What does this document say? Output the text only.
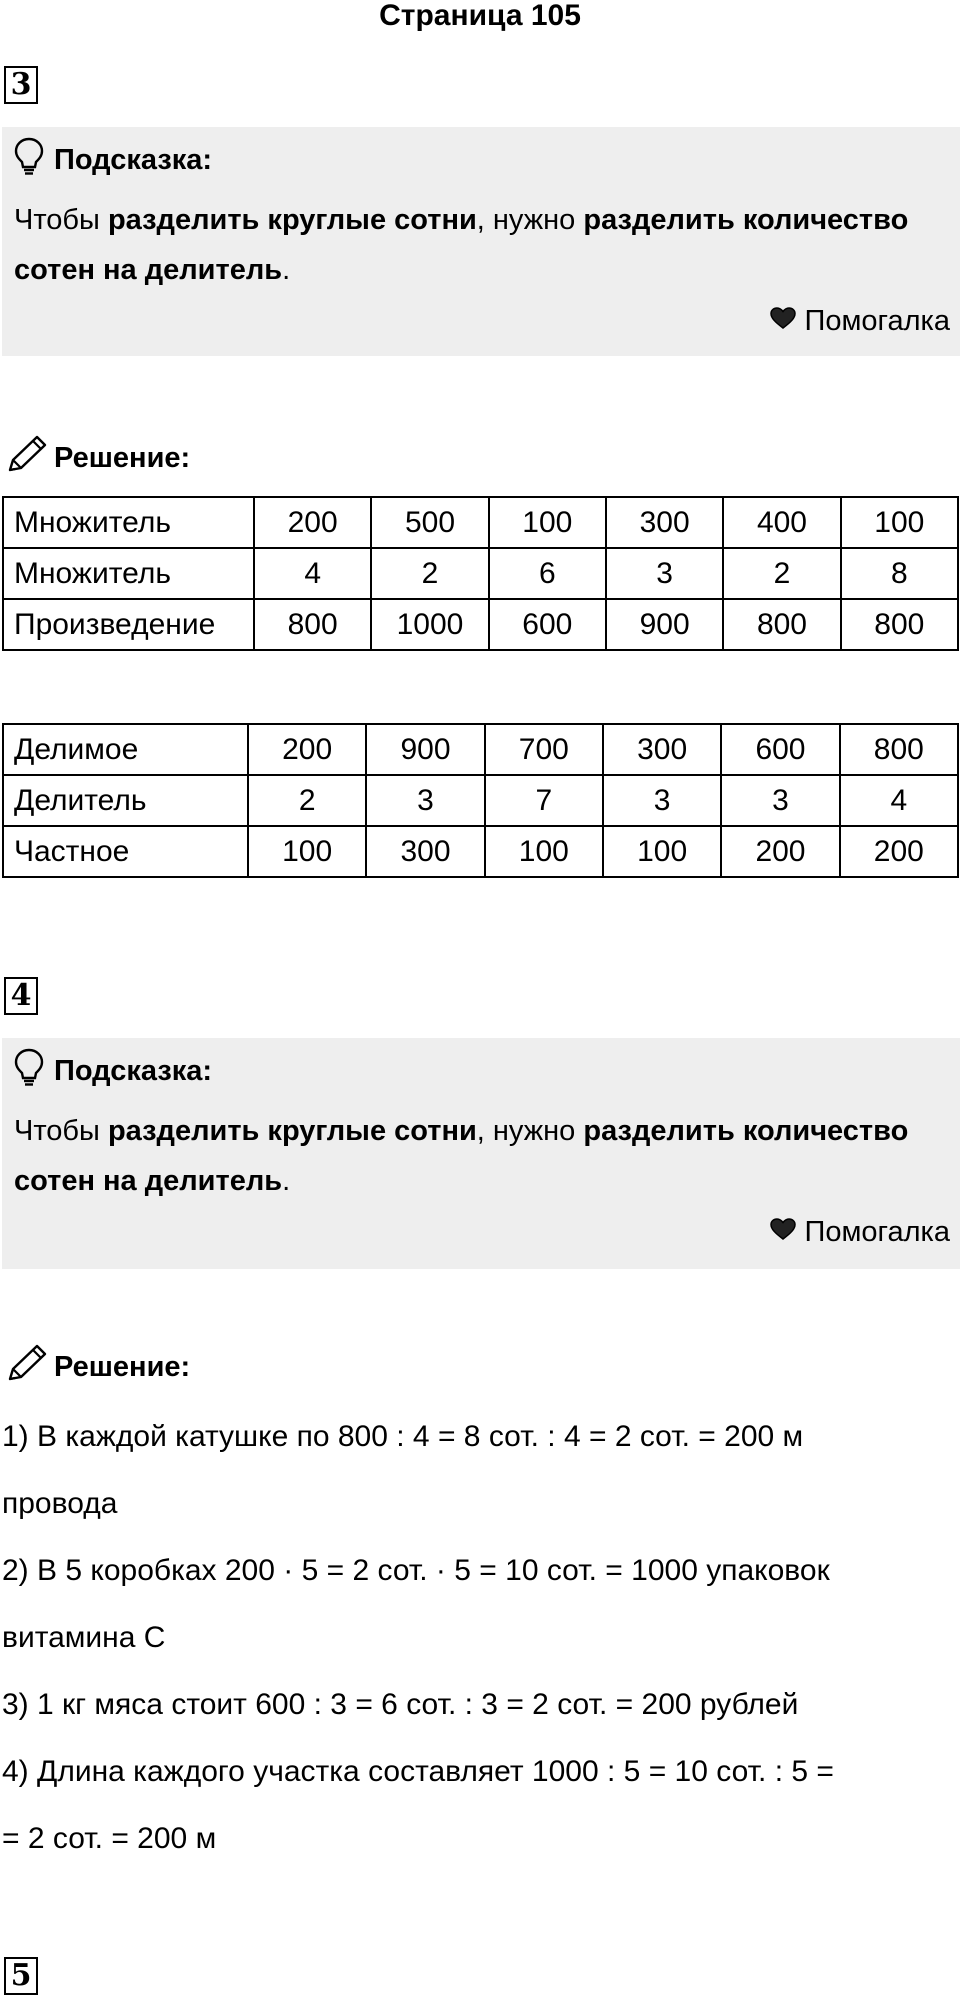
Страница 105
3
Подсказка:
Чтобы разделить круглые сотни, нужно разделить количество сотен на делитель.
Помогалка
Решение:
Множитель	200	500	100	300	400	100
Множитель	4	2	6	3	2	8
Произведение	800	1000	600	900	800	800
Делимое	200	900	700	300	600	800
Делитель	2	3	7	3	3	4
Частное	100	300	100	100	200	200
4
Подсказка:
Чтобы разделить круглые сотни, нужно разделить количество сотен на делитель.
Помогалка
Решение:
1) В каждой катушке по 800 : 4 = 8 сот. : 4 = 2 сот. = 200 м
провода
2) В 5 коробках 200 · 5 = 2 сот. · 5 = 10 сот. = 1000 упаковок
витамина С
3) 1 кг мяса стоит 600 : 3 = 6 сот. : 3 = 2 сот. = 200 рублей
4) Длина каждого участка составляет 1000 : 5 = 10 сот. : 5 =
= 2 сот. = 200 м
5
